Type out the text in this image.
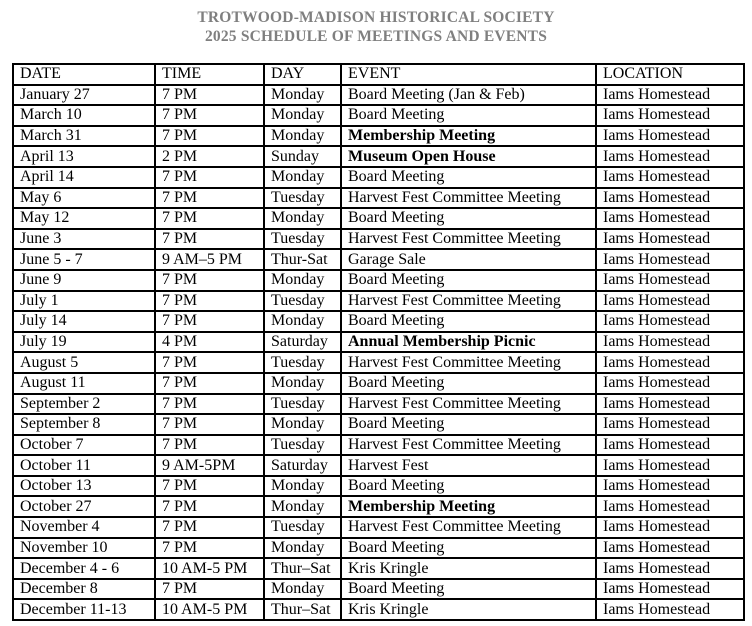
TROTWOOD-MADISON HISTORICAL SOCIETY
2025 SCHEDULE OF MEETINGS AND EVENTS
DATE	TIME	DAY	EVENT	LOCATION
January 27	7 PM	Monday	Board Meeting (Jan & Feb)	Iams Homestead
March 10	7 PM	Monday	Board Meeting	Iams Homestead
March 31	7 PM	Monday	Membership Meeting	Iams Homestead
April 13	2 PM	Sunday	Museum Open House	Iams Homestead
April 14	7 PM	Monday	Board Meeting	Iams Homestead
May 6	7 PM	Tuesday	Harvest Fest Committee Meeting	Iams Homestead
May 12	7 PM	Monday	Board Meeting	Iams Homestead
June 3	7 PM	Tuesday	Harvest Fest Committee Meeting	Iams Homestead
June 5 - 7	9 AM–5 PM	Thur-Sat	Garage Sale	Iams Homestead
June 9	7 PM	Monday	Board Meeting	Iams Homestead
July 1	7 PM	Tuesday	Harvest Fest Committee Meeting	Iams Homestead
July 14	7 PM	Monday	Board Meeting	Iams Homestead
July 19	4 PM	Saturday	Annual Membership Picnic	Iams Homestead
August 5	7 PM	Tuesday	Harvest Fest Committee Meeting	Iams Homestead
August 11	7 PM	Monday	Board Meeting	Iams Homestead
September 2	7 PM	Tuesday	Harvest Fest Committee Meeting	Iams Homestead
September 8	7 PM	Monday	Board Meeting	Iams Homestead
October 7	7 PM	Tuesday	Harvest Fest Committee Meeting	Iams Homestead
October 11	9 AM-5PM	Saturday	Harvest Fest	Iams Homestead
October 13	7 PM	Monday	Board Meeting	Iams Homestead
October 27	7 PM	Monday	Membership Meeting	Iams Homestead
November 4	7 PM	Tuesday	Harvest Fest Committee Meeting	Iams Homestead
November 10	7 PM	Monday	Board Meeting	Iams Homestead
December 4 - 6	10 AM-5 PM	Thur–Sat	Kris Kringle	Iams Homestead
December 8	7 PM	Monday	Board Meeting	Iams Homestead
December 11-13	10 AM-5 PM	Thur–Sat	Kris Kringle	Iams Homestead
